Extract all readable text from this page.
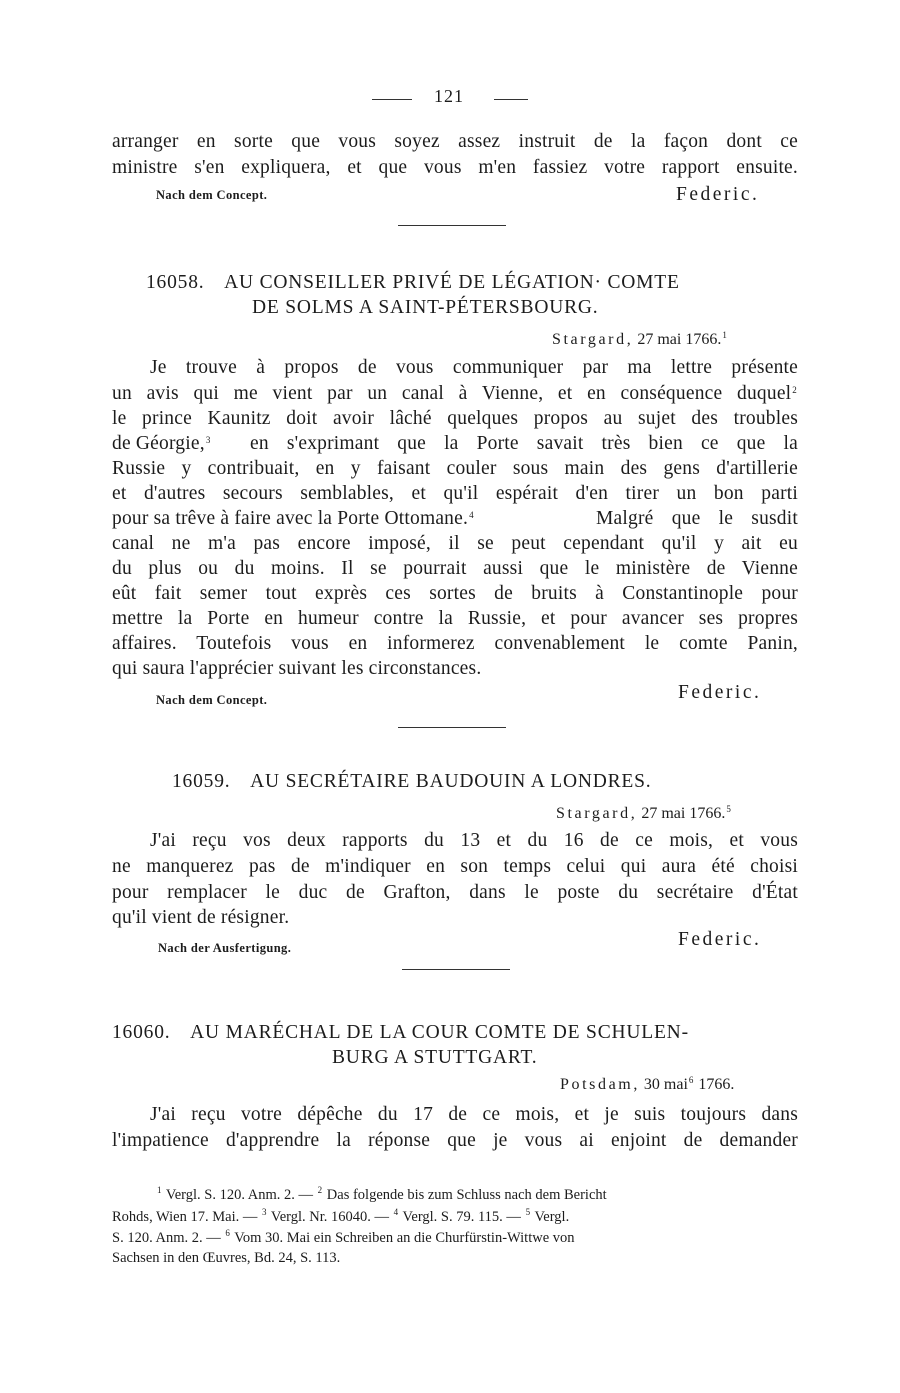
121
arranger en sorte que vous soyez assez instruit de la façon dont ce
ministre s'en expliquera, et que vous m'en fassiez votre rapport ensuite.
Nach dem Concept.	Federic.
16058. AU CONSEILLER PRIVÉ DE LÉGATION· COMTE
DE SOLMS A SAINT-PÉTERSBOURG.
Stargard, 27 mai 1766.$^1$
Je trouve à propos de vous communiquer par ma lettre présente
un avis qui me vient par un canal à Vienne, et en conséquence duquel$^2$
le prince Kaunitz doit avoir lâché quelques propos au sujet des troubles
de Géorgie,$^3$ en s'exprimant que la Porte savait très bien ce que la
Russie y contribuait, en y faisant couler sous main des gens d'artillerie
et d'autres secours semblables, et qu'il espérait d'en tirer un bon parti
pour sa trêve à faire avec la Porte Ottomane.$^4$	Malgré que le susdit
canal ne m'a pas encore imposé, il se peut cependant qu'il y ait eu
du plus ou du moins. Il se pourrait aussi que le ministère de Vienne
eût fait semer tout exprès ces sortes de bruits à Constantinople pour
mettre la Porte en humeur contre la Russie, et pour avancer ses propres
affaires. Toutefois vous en informerez convenablement le comte Panin,
qui saura l'apprécier suivant les circonstances.
Nach dem Concept.	Federic.
16059. AU SECRÉTAIRE BAUDOUIN A LONDRES.
Stargard, 27 mai 1766.$^5$
J'ai reçu vos deux rapports du 13 et du 16 de ce mois, et vous
ne manquerez pas de m'indiquer en son temps celui qui aura été choisi
pour remplacer le duc de Grafton, dans le poste du secrétaire d'État
qu'il vient de résigner.
Nach der Ausfertigung.	Federic.
16060. AU MARÉCHAL DE LA COUR COMTE DE SCHULEN-
BURG A STUTTGART.
Potsdam, 30 mai$^6$ 1766.
J'ai reçu votre dépêche du 17 de ce mois, et je suis toujours dans
l'impatience d'apprendre la réponse que je vous ai enjoint de demander
$^1$ Vergl. S. 120. Anm. 2. — $^2$ Das folgende bis zum Schluss nach dem Bericht
Rohds, Wien 17. Mai. — $^3$ Vergl. Nr. 16040. — $^4$ Vergl. S. 79. 115. — $^5$ Vergl.
S. 120. Anm. 2. — $^6$ Vom 30. Mai ein Schreiben an die Churfürstin-Wittwe von
Sachsen in den Œuvres, Bd. 24, S. 113.
